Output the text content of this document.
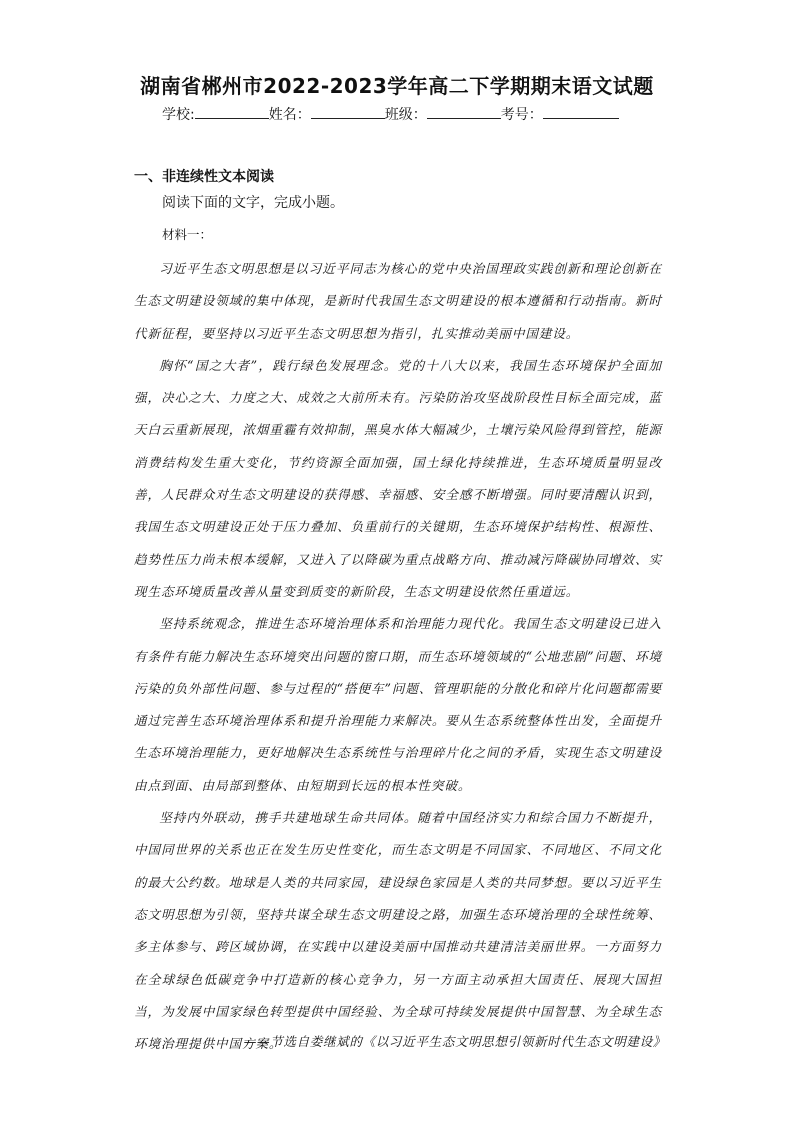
湖南省郴州市2022-2023学年高二下学期期末语文试题
学校:	姓名：	班级：	考号：
一、非连续性文本阅读
阅读下面的文字，完成小题。
材料一：

习近平生态文明思想是以习近平同志为核心的党中央治国理政实践创新和理论创新在生态文明建设领域的集中体现，是新时代我国生态文明建设的根本遵循和行动指南。新时代新征程，要坚持以习近平生态文明思想为指引，扎实推动美丽中国建设。

胸怀“国之大者”，践行绿色发展理念。党的十八大以来，我国生态环境保护全面加强，决心之大、力度之大、成效之大前所未有。污染防治攻坚战阶段性目标全面完成，蓝天白云重新展现，浓烟重霾有效抑制，黑臭水体大幅减少，土壤污染风险得到管控，能源消费结构发生重大变化，节约资源全面加强，国土绿化持续推进，生态环境质量明显改善，人民群众对生态文明建设的获得感、幸福感、安全感不断增强。同时要清醒认识到，我国生态文明建设正处于压力叠加、负重前行的关键期，生态环境保护结构性、根源性、趋势性压力尚未根本缓解，又进入了以降碳为重点战略方向、推动减污降碳协同增效、实现生态环境质量改善从量变到质变的新阶段，生态文明建设依然任重道远。

坚持系统观念，推进生态环境治理体系和治理能力现代化。我国生态文明建设已进入有条件有能力解决生态环境突出问题的窗口期，而生态环境领域的“公地悲剧”问题、环境污染的负外部性问题、参与过程的“搭便车”问题、管理职能的分散化和碎片化问题都需要通过完善生态环境治理体系和提升治理能力来解决。要从生态系统整体性出发，全面提升生态环境治理能力，更好地解决生态系统性与治理碎片化之间的矛盾，实现生态文明建设由点到面、由局部到整体、由短期到长远的根本性突破。

坚持内外联动，携手共建地球生命共同体。随着中国经济实力和综合国力不断提升，中国同世界的关系也正在发生历史性变化，而生态文明是不同国家、不同地区、不同文化的最大公约数。地球是人类的共同家园，建设绿色家园是人类的共同梦想。要以习近平生态文明思想为引领，坚持共谋全球生态文明建设之路，加强生态环境治理的全球性统筹、多主体参与、跨区域协调，在实践中以建设美丽中国推动共建清洁美丽世界。一方面努力在全球绿色低碳竞争中打造新的核心竞争力，另一方面主动承担大国责任、展现大国担当，为发展中国家绿色转型提供中国经验、为全球可持续发展提供中国智慧、为全球生态环境治理提供中国方案。

——节选自娄继斌的《以习近平生态文明思想引领新时代生态文明建设》
